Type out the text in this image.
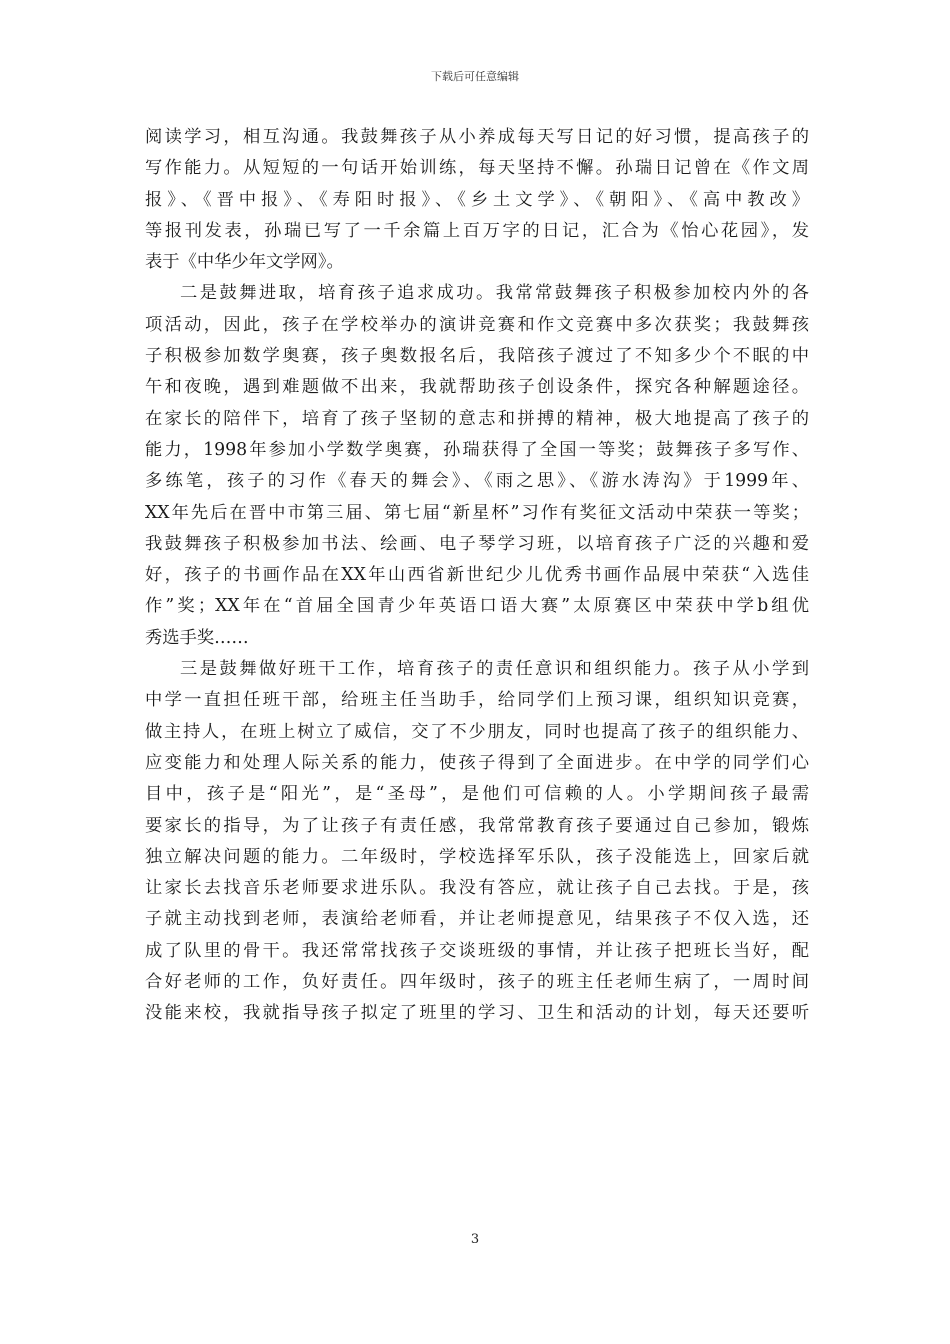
下载后可任意编辑
阅读学习，相互沟通。我鼓舞孩子从小养成每天写日记的好习惯，提高孩子的
写作能力。从短短的一句话开始训练，每天坚持不懈。孙瑞日记曾在《作文周
报》、《晋中报》、《寿阳时报》、《乡土文学》、《朝阳》、《高中教改》
等报刊发表，孙瑞已写了一千余篇上百万字的日记，汇合为《怡心花园》，发
表于《中华少年文学网》。
二是鼓舞进取，培育孩子追求成功。我常常鼓舞孩子积极参加校内外的各
项活动，因此，孩子在学校举办的演讲竞赛和作文竞赛中多次获奖；我鼓舞孩
子积极参加数学奥赛，孩子奥数报名后，我陪孩子渡过了不知多少个不眠的中
午和夜晚，遇到难题做不出来，我就帮助孩子创设条件，探究各种解题途径。
在家长的陪伴下，培育了孩子坚韧的意志和拼搏的精神，极大地提高了孩子的
能力，1998年参加小学数学奥赛，孙瑞获得了全国一等奖；鼓舞孩子多写作、
多练笔，孩子的习作《春天的舞会》、《雨之思》、《游水涛沟》于1999年、
XX年先后在晋中市第三届、第七届“新星杯”习作有奖征文活动中荣获一等奖；
我鼓舞孩子积极参加书法、绘画、电子琴学习班，以培育孩子广泛的兴趣和爱
好，孩子的书画作品在XX年山西省新世纪少儿优秀书画作品展中荣获“入选佳
作”奖；XX年在“首届全国青少年英语口语大赛”太原赛区中荣获中学b组优
秀选手奖……
三是鼓舞做好班干工作，培育孩子的责任意识和组织能力。孩子从小学到
中学一直担任班干部，给班主任当助手，给同学们上预习课，组织知识竞赛，
做主持人，在班上树立了威信，交了不少朋友，同时也提高了孩子的组织能力、
应变能力和处理人际关系的能力，使孩子得到了全面进步。在中学的同学们心
目中，孩子是“阳光”，是“圣母”，是他们可信赖的人。小学期间孩子最需
要家长的指导，为了让孩子有责任感，我常常教育孩子要通过自己参加，锻炼
独立解决问题的能力。二年级时，学校选择军乐队，孩子没能选上，回家后就
让家长去找音乐老师要求进乐队。我没有答应，就让孩子自己去找。于是，孩
子就主动找到老师，表演给老师看，并让老师提意见，结果孩子不仅入选，还
成了队里的骨干。我还常常找孩子交谈班级的事情，并让孩子把班长当好，配
合好老师的工作，负好责任。四年级时，孩子的班主任老师生病了，一周时间
没能来校，我就指导孩子拟定了班里的学习、卫生和活动的计划，每天还要听
3
